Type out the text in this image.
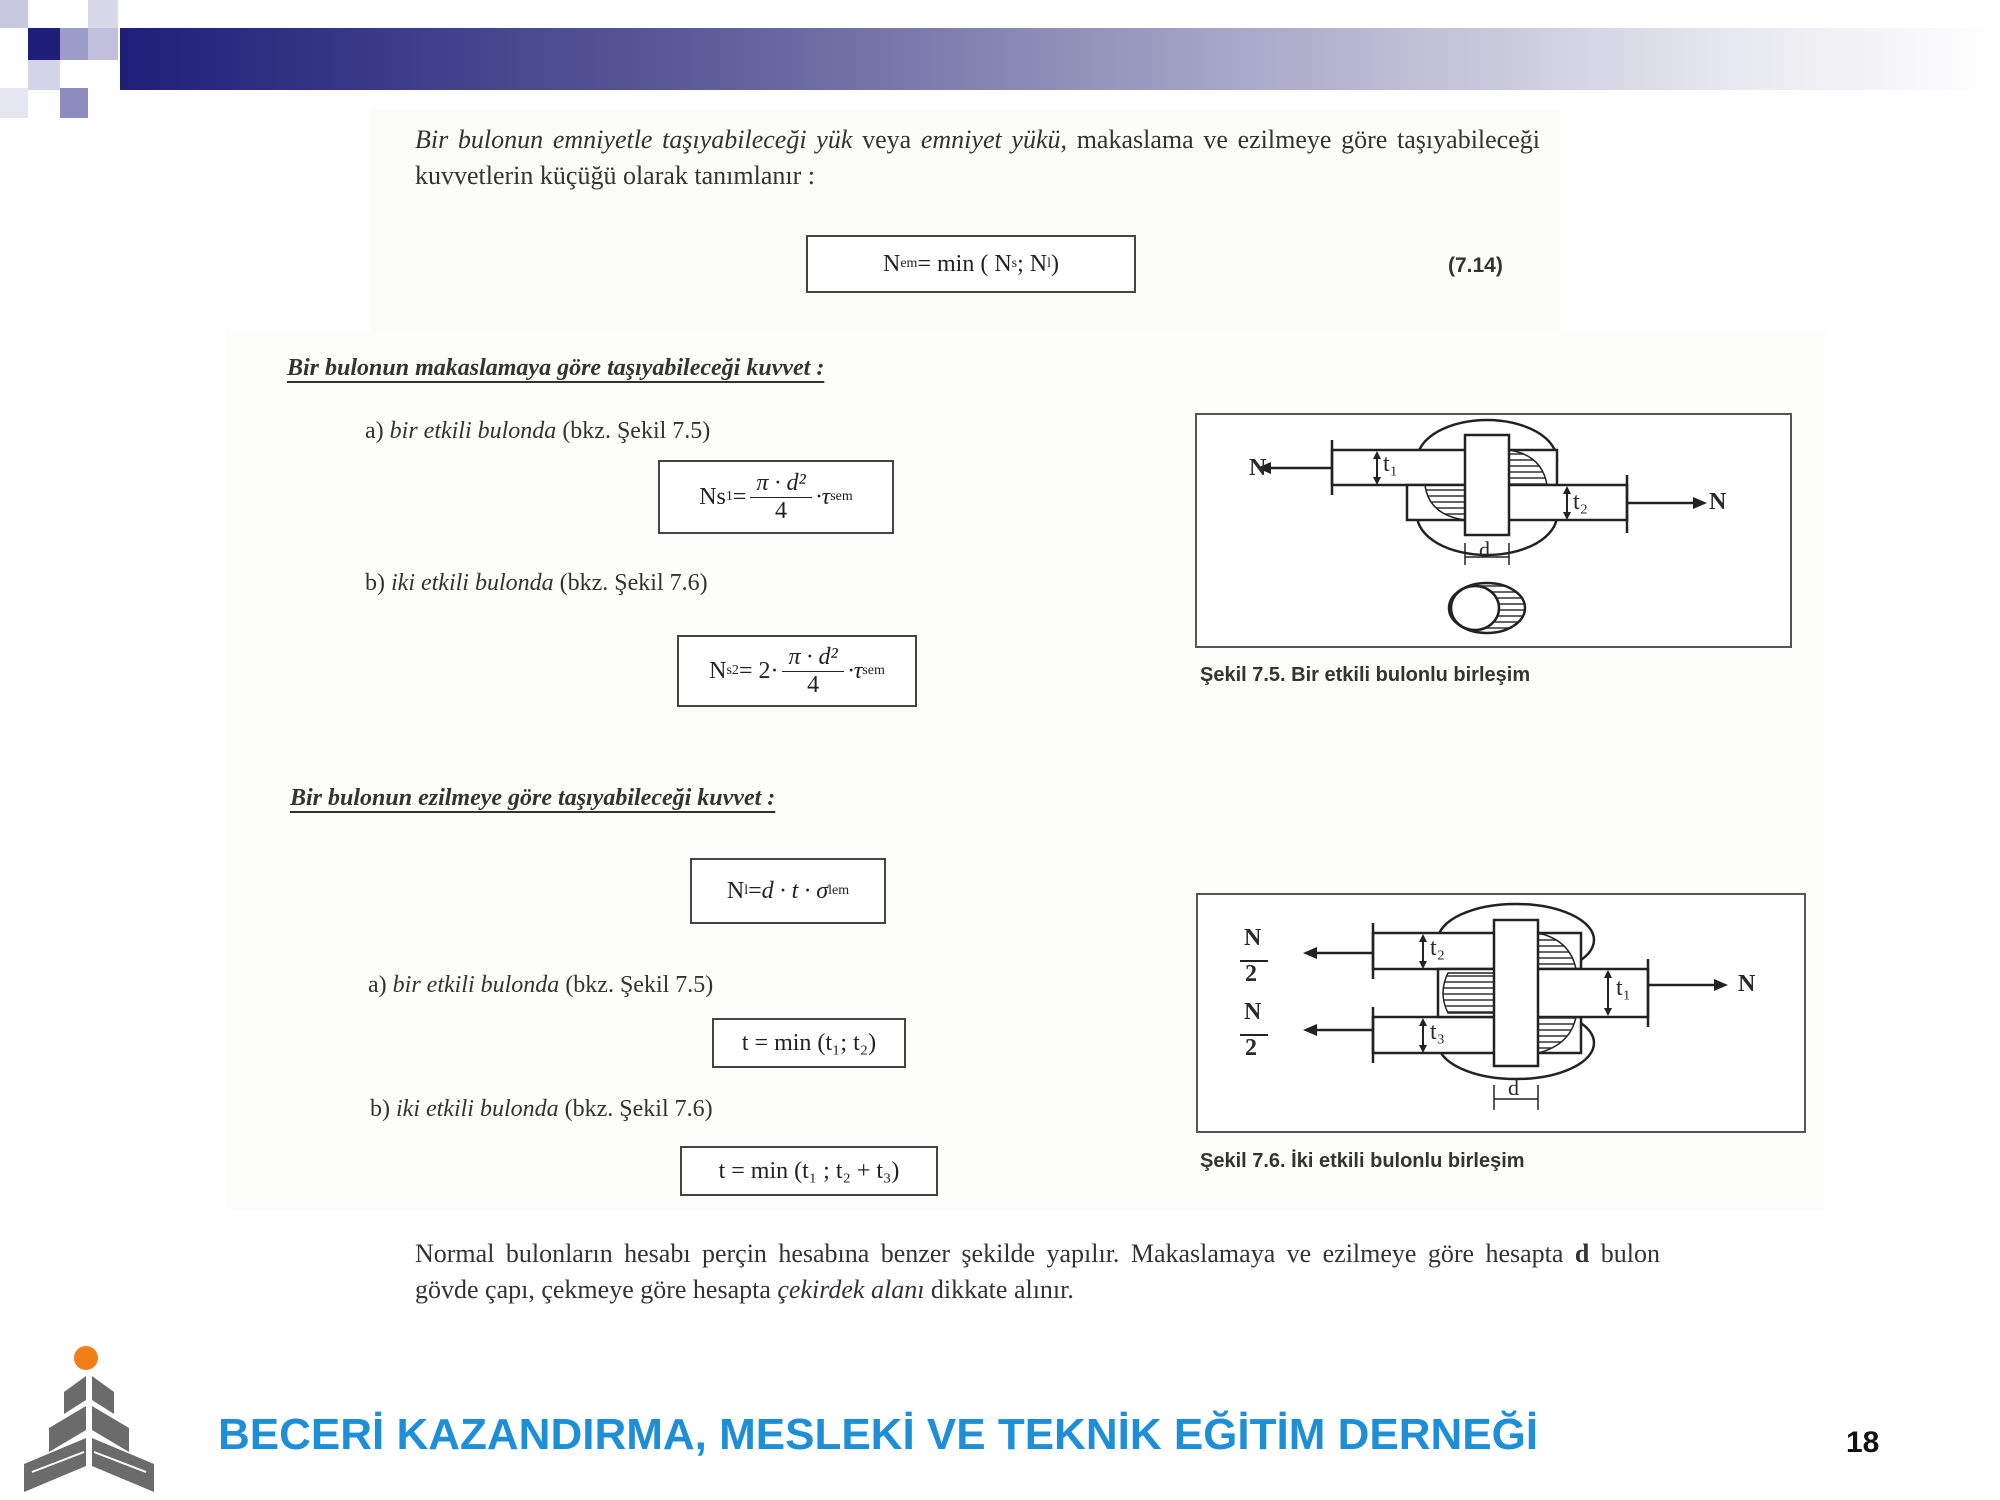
Bir bulonun emniyetle taşıyabileceği yük veya emniyet yükü, makaslama ve ezilmeye göre taşıyabileceği kuvvetlerin küçüğü olarak tanımlanır :
N em = min ( N s ; N l )	(7.14)
Bir bulonun makaslamaya göre taşıyabileceği kuvvet :
a) bir etkili bulonda (bkz. Şekil 7.5)
Ns $1 = \frac{\text{π · d²}}{4} \cdot\tau$ sem
b) iki etkili bulonda (bkz. Şekil 7.6)
N $s2 = 2\cdot \frac{\text{π · d²}}{4} \cdot\tau$ sem
Bir bulonun ezilmeye göre taşıyabileceği kuvvet :
N l = d · t · σ lem
a) bir etkili bulonda (bkz. Şekil 7.5)
t = min (t₁; t₂)
b) iki etkili bulonda (bkz. Şekil 7.6)
t = min (t₁ ; t₂ + t₃)
N
N
t₁
t₂
d
Şekil 7.5. Bir etkili bulonlu birleşim
N
2
N
2
N
t₂
t₁
t₃
d
Şekil 7.6. İki etkili bulonlu birleşim
Normal bulonların hesabı perçin hesabına benzer şekilde yapılır. Makaslamaya ve ezilmeye göre hesapta d bulon gövde çapı, çekmeye göre hesapta çekirdek alanı dikkate alınır.
BECERİ KAZANDIRMA, MESLEKİ VE TEKNİK EĞİTİM DERNEĞİ	18
